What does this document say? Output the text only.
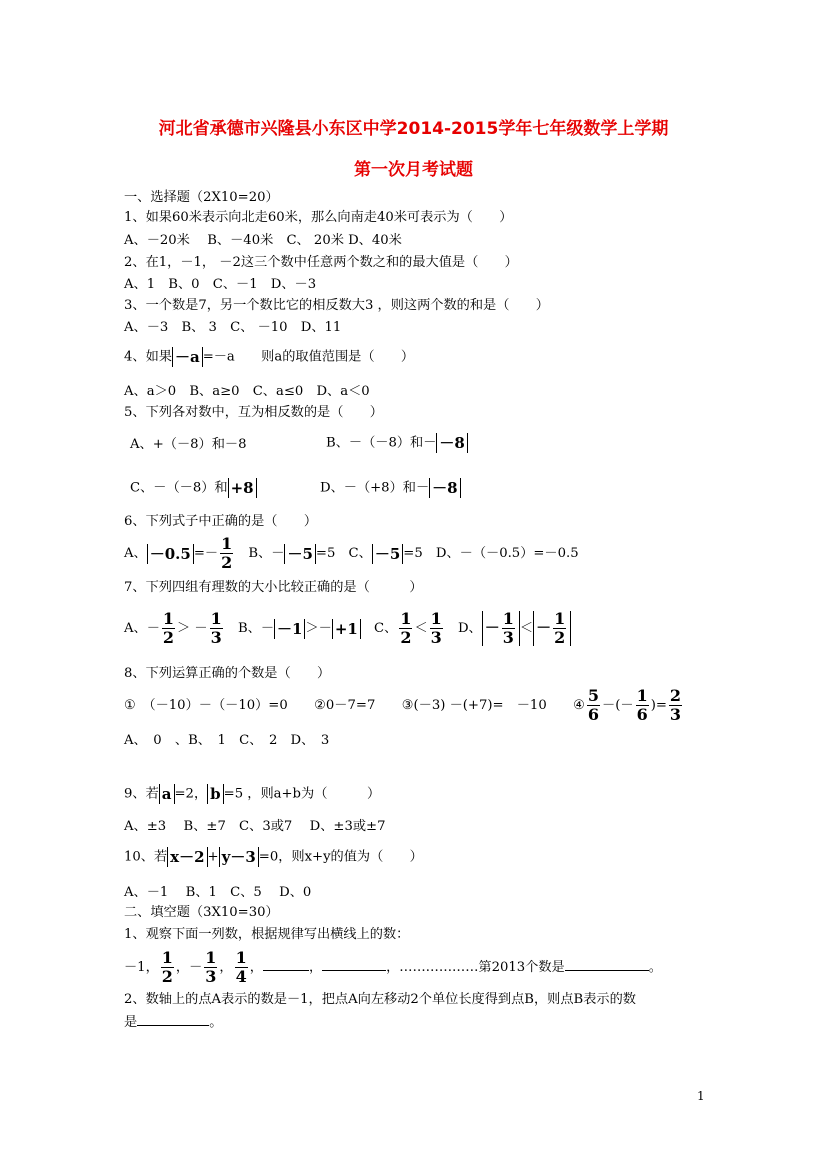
河北省承德市兴隆县小东区中学2014-2015学年七年级数学上学期
第一次月考试题
一、选择题（2X10=20）
1、如果60米表示向北走60米，那么向南走40米可表示为（　　）
A、－20米　 B、－40米　C、 20米 D、40米
2、在1，－1， －2这三个数中任意两个数之和的最大值是（　　）
A、1　B、0　C、－1　D、－3
3、一个数是7，另一个数比它的相反数大3 ，则这两个数的和是（　　）
A、－3　B、 3　C、 －10　D、11
4、如果 －a =－a　　则a的取值范围是（　　）
A、a＞0　B、a≥0　C、a≤0　D、a＜0
5、下列各对数中，互为相反数的是（　　）
A、+（－8）和－8	B、－（－8）和－ －8
C、－（－8）和 +8	D、－（+8）和－ －8
6、下列式子中正确的是（　　）
A、 $-0.5 =- \frac{1}{2}$ 　B、－ －5 =5　C、 －5 =5　D、－（－0.5）=－0.5
7、下列四组有理数的大小比较正确的是（　　　）
A、－ $\frac{1}{2}$ ＞ － $\frac{1}{3}$ 　B、－ －1 ＞－ +1　C、 $\frac{1}{2} < \frac{1}{3}$ 　D、 － $\frac{1}{3}$ ＜ － $\frac{1}{2}$
8、下列运算正确的个数是（　　）
①　（－10）－（－10）=0　　②0－7=7　　③(－3) －(+7)=　－10　　④ $\frac{5}{6}$ －(－ $\frac{1}{6}$ )= $\frac{2}{3}$
A、　0　、B、　1　C、　2　D、　3
9、若 a =2， b =5 ，则a+b为（　　　）
A、±3　 B、±7　C、3或7　 D、±3或±7
10、若 x－2 + y－3 =0，则x+y的值为（　　）
A、－1　 B、1　C、5　 D、0
二、填空题（3X10=30）
1、观察下面一列数，根据规律写出横线上的数：
－1， $\frac{1}{2}$ ，－ $\frac{1}{3}$ ， $\frac{1}{4}$ ，	，	，………………第2013个数是	。
2、数轴上的点A表示的数是－1，把点A向左移动2个单位长度得到点B，则点B表示的数
是	。
1
